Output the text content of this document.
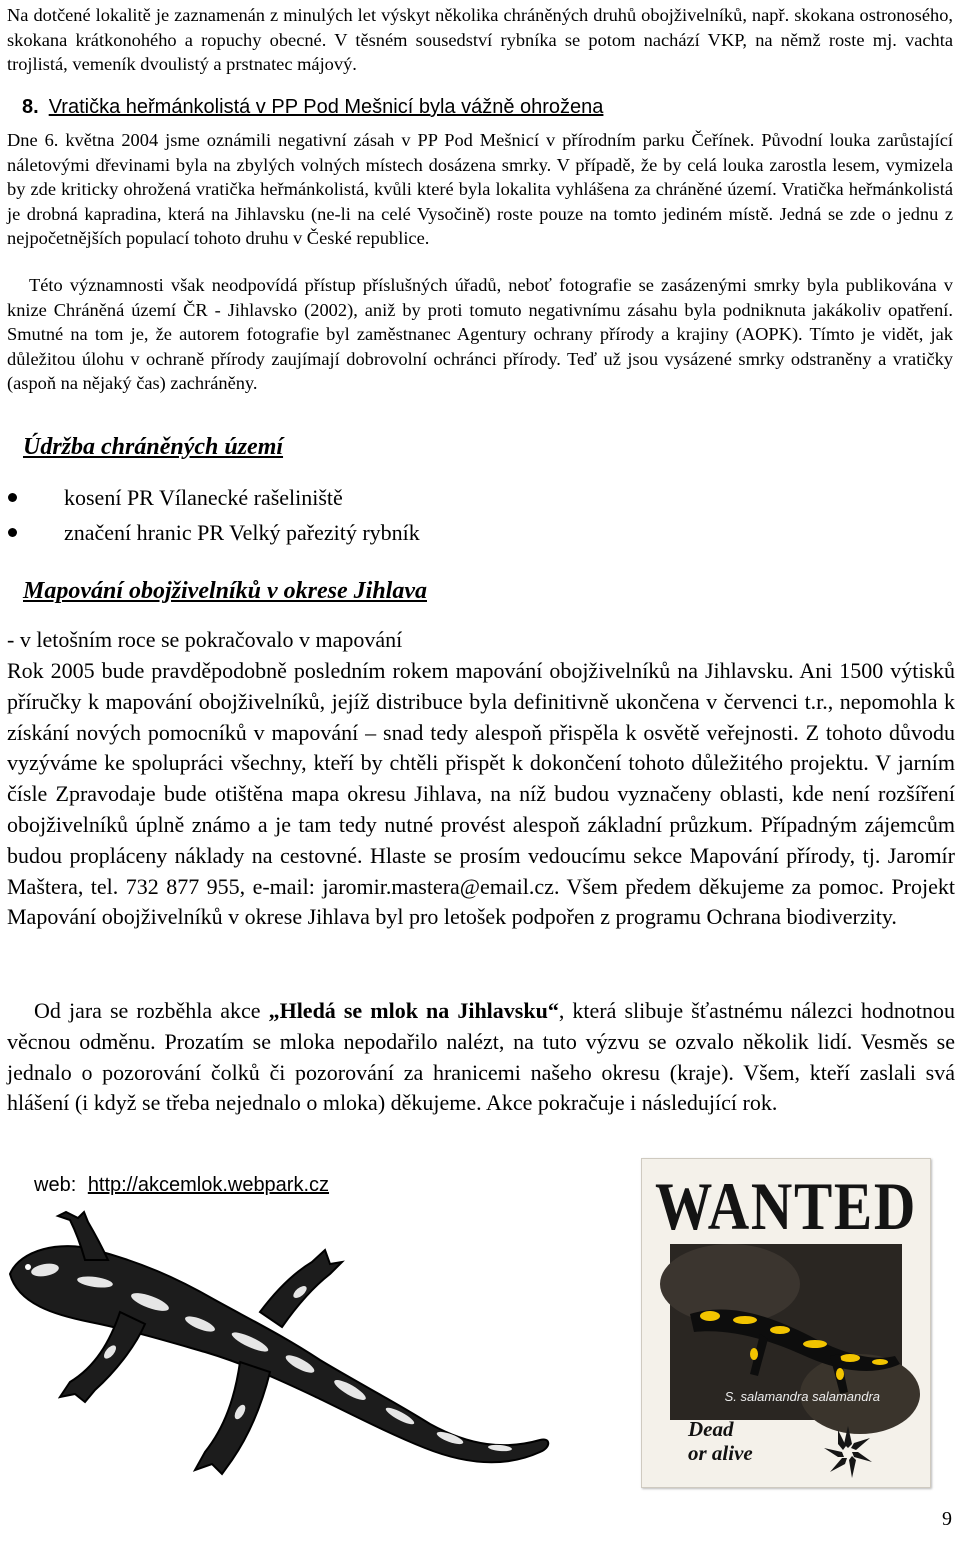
Na dotčené lokalitě je zaznamenán z minulých let výskyt několika chráněných druhů obojživelníků, např. skokana ostronosého, skokana krátkonohého a ropuchy obecné. V těsném sousedství rybníka se potom nachází VKP, na němž roste mj. vachta trojlistá, vemeník dvoulistý a prstnatec májový.

8. Vratička heřmánkolistá v PP Pod Mešnicí byla vážně ohrožena

Dne 6. května 2004 jsme oznámili negativní zásah v PP Pod Mešnicí v přírodním parku Čeřínek. Původní louka zarůstající náletovými dřevinami byla na zbylých volných místech dosázena smrky. V případě, že by celá louka zarostla lesem, vymizela by zde kriticky ohrožená vratička heřmánkolistá, kvůli které byla lokalita vyhlášena za chráněné území. Vratička heřmánkolistá je drobná kapradina, která na Jihlavsku (ne-li na celé Vysočině) roste pouze na tomto jediném místě. Jedná se zde o jednu z nejpočetnějších populací tohoto druhu v České republice.

Této významnosti však neodpovídá přístup příslušných úřadů, neboť fotografie se zasázenými smrky byla publikována v knize Chráněná území ČR - Jihlavsko (2002), aniž by proti tomuto negativnímu zásahu byla podniknuta jakákoliv opatření. Smutné na tom je, že autorem fotografie byl zaměstnanec Agentury ochrany přírody a krajiny (AOPK). Tímto je vidět, jak důležitou úlohu v ochraně přírody zaujímají dobrovolní ochránci přírody. Teď už jsou vysázené smrky odstraněny a vratičky (aspoň na nějaký čas) zachráněny.

Údržba chráněných území
kosení PR Vílanecké rašeliniště
značení hranic PR Velký pařezitý rybník
Mapování obojživelníků v okrese Jihlava

- v letošním roce se pokračovalo v mapování

Rok 2005 bude pravděpodobně posledním rokem mapování obojživelníků na Jihlavsku. Ani 1500 výtisků příručky k mapování obojživelníků, jejíž distribuce byla definitivně ukončena v červenci t.r., nepomohla k získání nových pomocníků v mapování – snad tedy alespoň přispěla k osvětě veřejnosti. Z tohoto důvodu vyzýváme ke spolupráci všechny, kteří by chtěli přispět k dokončení tohoto důležitého projektu. V jarním čísle Zpravodaje bude otištěna mapa okresu Jihlava, na níž budou vyznačeny oblasti, kde není rozšíření obojživelníků úplně známo a je tam tedy nutné provést alespoň základní průzkum. Případným zájemcům budou propláceny náklady na cestovné. Hlaste se prosím vedoucímu sekce Mapování přírody, tj. Jaromír Maštera, tel. 732 877 955, e-mail: jaromir.mastera@email.cz. Všem předem děkujeme za pomoc. Projekt Mapování obojživelníků v okrese Jihlava byl pro letošek podpořen z programu Ochrana biodiverzity.

Od jara se rozběhla akce „Hledá se mlok na Jihlavsku“, která slibuje šťastnému nálezci hodnotnou věcnou odměnu. Prozatím se mloka nepodařilo nalézt, na tuto výzvu se ozvalo několik lidí. Vesměs se jednalo o pozorování čolků či pozorování za hranicemi našeho okresu (kraje). Všem, kteří zaslali svá hlášení (i když se třeba nejednalo o mloka) děkujeme. Akce pokračuje i následující rok.

web: http://akcemlok.webpark.cz	WANTED
S. salamandra salamandra
Dead
or alive
9
